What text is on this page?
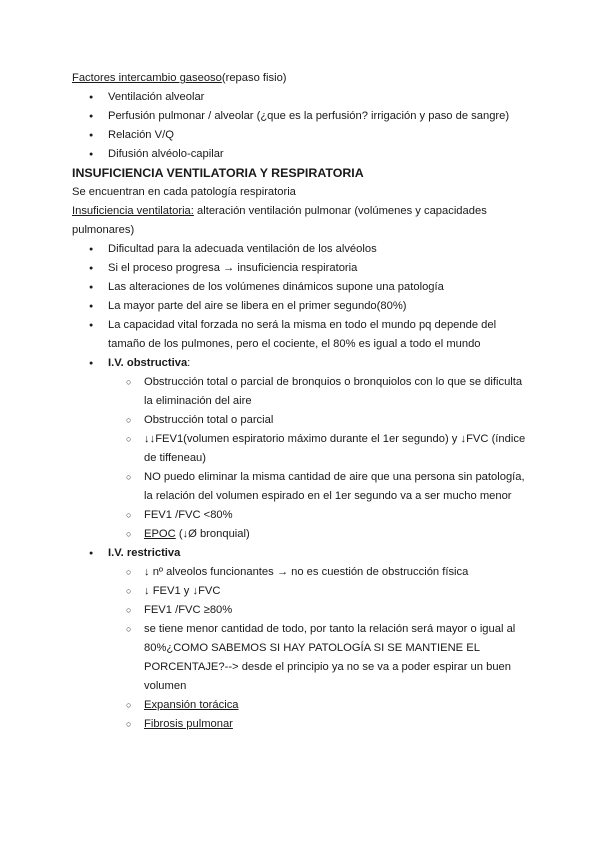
Factores intercambio gaseoso(repaso fisio)

● Ventilación alveolar
● Perfusión pulmonar / alveolar (¿que es la perfusión? irrigación y paso de sangre)
● Relación V/Q
● Difusión alvéolo-capilar

INSUFICIENCIA VENTILATORIA Y RESPIRATORIA

Se encuentran en cada patología respiratoria

Insuficiencia ventilatoria: alteración ventilación pulmonar (volúmenes y capacidades pulmonares)

● Dificultad para la adecuada ventilación de los alvéolos
● Si el proceso progresa → insuficiencia respiratoria
● Las alteraciones de los volúmenes dinámicos supone una patología
● La mayor parte del aire se libera en el primer segundo(80%)
● La capacidad vital forzada no será la misma en todo el mundo pq depende del tamaño de los pulmones, pero el cociente, el 80% es igual a todo el mundo
● I.V. obstructiva:
○ Obstrucción total o parcial de bronquios o bronquiolos con lo que se dificulta la eliminación del aire
○ Obstrucción total o parcial
○ ↓↓FEV1(volumen espiratorio máximo durante el 1er segundo) y ↓FVC (índice de tiffeneau)
○ NO puedo eliminar la misma cantidad de aire que una persona sin patología, la relación del volumen espirado en el 1er segundo va a ser mucho menor
○ FEV1 /FVC <80%
○ EPOC (↓Ø bronquial)
● I.V. restrictiva
○ ↓ nº alveolos funcionantes → no es cuestión de obstrucción física
○ ↓ FEV1 y ↓FVC
○ FEV1 /FVC ≥80%
○ se tiene menor cantidad de todo, por tanto la relación será mayor o igual al 80%¿COMO SABEMOS SI HAY PATOLOGÍA SI SE MANTIENE EL PORCENTAJE?--> desde el principio ya no se va a poder espirar un buen volumen
○ Expansión torácica
○ Fibrosis pulmonar
